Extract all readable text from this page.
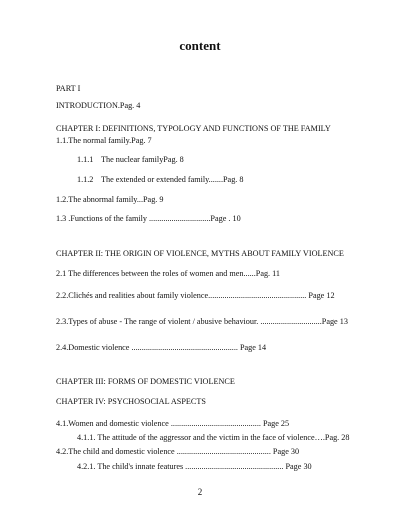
content
PART I
INTRODUCTION.Pag. 4
CHAPTER I: DEFINITIONS, TYPOLOGY AND FUNCTIONS OF THE FAMILY
1.1.The normal family.Pag. 7
1.1.1 The nuclear familyPag. 8
1.1.2 The extended or extended family.......Pag. 8
1.2.The abnormal family...Pag. 9
1.3 .Functions of the family ..............................Page . 10
CHAPTER II: THE ORIGIN OF VIOLENCE, MYTHS ABOUT FAMILY VIOLENCE
2.1 The differences between the roles of women and men......Pag. 11
2.2.Clichés and realities about family violence................................................ Page 12
2.3.Types of abuse - The range of violent / abusive behaviour. ..............................Page 13
2.4.Domestic violence .................................................... Page 14
CHAPTER III: FORMS OF DOMESTIC VIOLENCE
CHAPTER IV: PSYCHOSOCIAL ASPECTS
4.1.Women and domestic violence ............................................ Page 25
4.1.1. The attitude of the aggressor and the victim in the face of violence….Pag. 28
4.2.The child and domestic violence .............................................. Page 30
4.2.1. The child's innate features ................................................ Page 30
2
